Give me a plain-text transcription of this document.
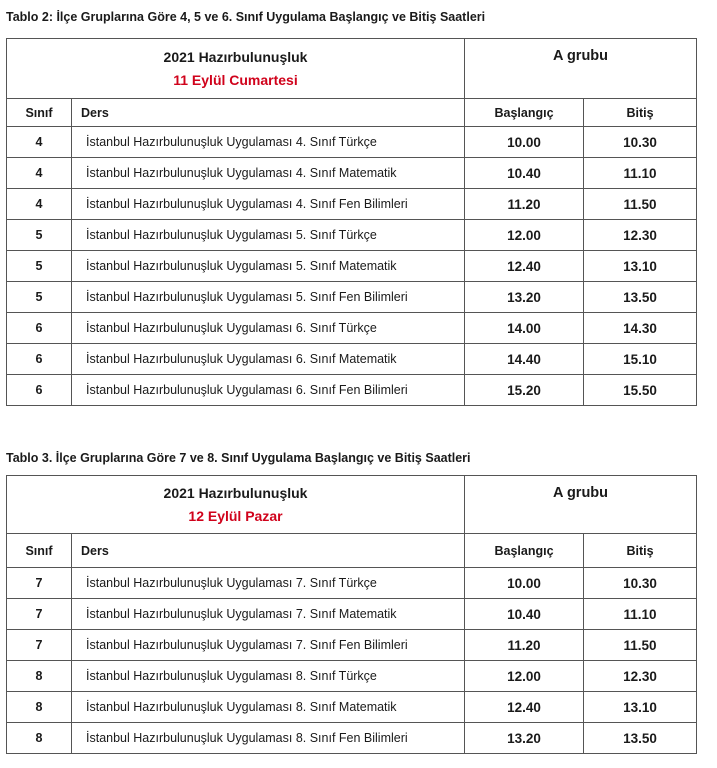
Tablo 2: İlçe Gruplarına Göre 4, 5 ve 6. Sınıf Uygulama Başlangıç ve Bitiş Saatleri
2021 Hazırbulunuşluk
11 Eylül Cumartesi		A grubu	
Sınıf	Ders	Başlangıç	Bitiş
4	İstanbul Hazırbulunuşluk Uygulaması 4. Sınıf Türkçe	10.00	10.30
4	İstanbul Hazırbulunuşluk Uygulaması 4. Sınıf Matematik	10.40	11.10
4	İstanbul Hazırbulunuşluk Uygulaması 4. Sınıf Fen Bilimleri	11.20	11.50
5	İstanbul Hazırbulunuşluk Uygulaması 5. Sınıf Türkçe	12.00	12.30
5	İstanbul Hazırbulunuşluk Uygulaması 5. Sınıf Matematik	12.40	13.10
5	İstanbul Hazırbulunuşluk Uygulaması 5. Sınıf Fen Bilimleri	13.20	13.50
6	İstanbul Hazırbulunuşluk Uygulaması 6. Sınıf Türkçe	14.00	14.30
6	İstanbul Hazırbulunuşluk Uygulaması 6. Sınıf Matematik	14.40	15.10
6	İstanbul Hazırbulunuşluk Uygulaması 6. Sınıf Fen Bilimleri	15.20	15.50
Tablo 3. İlçe Gruplarına Göre 7 ve 8. Sınıf Uygulama Başlangıç ve Bitiş Saatleri
2021 Hazırbulunuşluk
12 Eylül Pazar		A grubu	
Sınıf	Ders	Başlangıç	Bitiş
7	İstanbul Hazırbulunuşluk Uygulaması 7. Sınıf Türkçe	10.00	10.30
7	İstanbul Hazırbulunuşluk Uygulaması 7. Sınıf Matematik	10.40	11.10
7	İstanbul Hazırbulunuşluk Uygulaması 7. Sınıf Fen Bilimleri	11.20	11.50
8	İstanbul Hazırbulunuşluk Uygulaması 8. Sınıf Türkçe	12.00	12.30
8	İstanbul Hazırbulunuşluk Uygulaması 8. Sınıf Matematik	12.40	13.10
8	İstanbul Hazırbulunuşluk Uygulaması 8. Sınıf Fen Bilimleri	13.20	13.50
